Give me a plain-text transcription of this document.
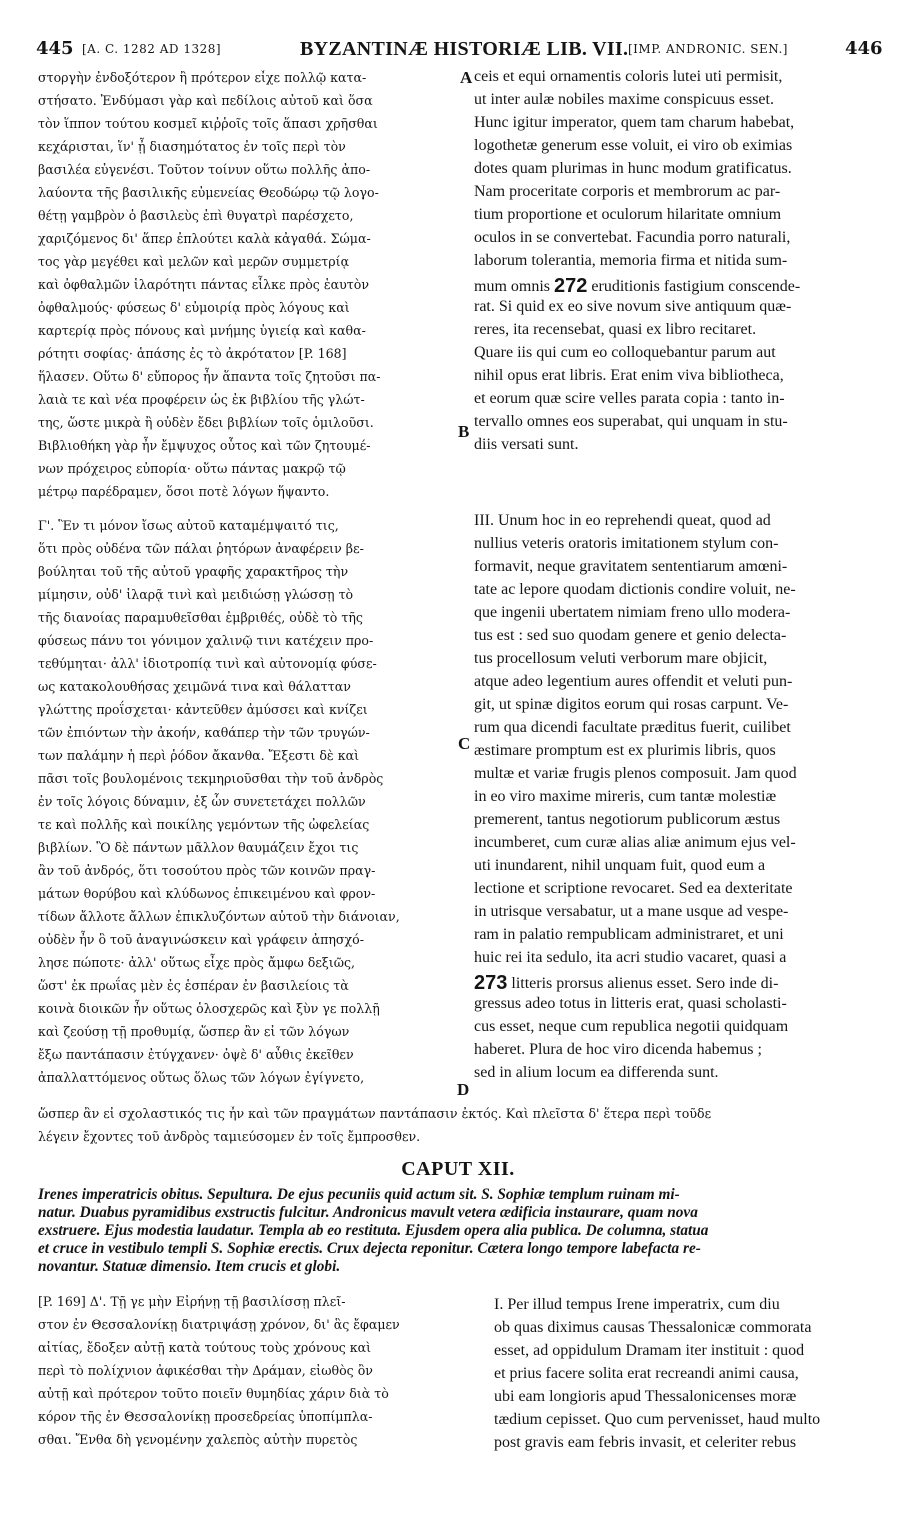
445 [A. C. 1282 AD 1328]	BYZANTINÆ HISTORIÆ LIB. VII. [IMP. ANDRONIC. SEN.]	446
στοργὴν ἐνδοξότερον ἢ πρότερον εἶχε πολλῷ κατα-
στήσατο. Ἐνδύμασι γὰρ καὶ πεδίλοις αὐτοῦ καὶ ὅσα
τὸν ἵππον τούτου κοσμεῖ κιῤῥοῖς τοῖς ἅπασι χρῆσθαι
κεχάρισται, ἵν' ᾖ διασημότατος ἐν τοῖς περὶ τὸν
βασιλέα εὐγενέσι. Τοῦτον τοίνυν οὕτω πολλῆς ἀπο-
λαύοντα τῆς βασιλικῆς εὐμενείας Θεοδώρῳ τῷ λογο-
θέτῃ γαμβρὸν ὁ βασιλεὺς ἐπὶ θυγατρὶ παρέσχετο,
χαριζόμενος δι' ἅπερ ἐπλούτει καλὰ κἀγαθά. Σώμα-
τος γὰρ μεγέθει καὶ μελῶν καὶ μερῶν συμμετρίᾳ
καὶ ὀφθαλμῶν ἱλαρότητι πάντας εἷλκε πρὸς ἑαυτὸν
ὀφθαλμούς· φύσεως δ' εὐμοιρίᾳ πρὸς λόγους καὶ
καρτερίᾳ πρὸς πόνους καὶ μνήμης ὑγιείᾳ καὶ καθα-
ρότητι σοφίας· ἁπάσης ἐς τὸ ἀκρότατον [P. 168]
ἥλασεν. Οὕτω δ' εὔπορος ἦν ἅπαντα τοῖς ζητοῦσι πα-
λαιὰ τε καὶ νέα προφέρειν ὡς ἐκ βιβλίου τῆς γλώτ-
της, ὥστε μικρὰ ἢ οὐδὲν ἔδει βιβλίων τοῖς ὁμιλοῦσι.
Βιβλιοθήκη γὰρ ἦν ἔμψυχος οὗτος καὶ τῶν ζητουμέ-
νων πρόχειρος εὐπορία· οὕτω πάντας μακρῷ τῷ
μέτρῳ παρέδραμεν, ὅσοι ποτὲ λόγων ἥψαντο.
ceis et equi ornamentis coloris lutei uti permisit,
ut inter aulæ nobiles maxime conspicuus esset.
Hunc igitur imperator, quem tam charum habebat,
logothetæ generum esse voluit, ei viro ob eximias
dotes quam plurimas in hunc modum gratificatus.
Nam proceritate corporis et membrorum ac par-
tium proportione et oculorum hilaritate omnium
oculos in se convertebat. Facundia porro naturali,
laborum tolerantia, memoria firma et nitida sum-
mum omnis 272 eruditionis fastigium conscende-
rat. Si quid ex eo sive novum sive antiquum quæ-
reres, ita recensebat, quasi ex libro recitaret.
Quare iis qui cum eo colloquebantur parum aut
nihil opus erat libris. Erat enim viva bibliotheca,
et eorum quæ scire velles parata copia : tanto in-
tervallo omnes eos superabat, qui unquam in stu-
diis versati sunt.
Γ'. Ἓν τι μόνον ἴσως αὐτοῦ καταμέμψαιτό τις,
ὅτι πρὸς οὐδένα τῶν πάλαι ῥητόρων ἀναφέρειν βε-
βούληται τοῦ τῆς αὐτοῦ γραφῆς χαρακτῆρος τὴν
μίμησιν, οὐδ' ἱλαρᾷ τινὶ καὶ μειδιώσῃ γλώσσῃ τὸ
τῆς διανοίας παραμυθεῖσθαι ἐμβριθές, οὐδὲ τὸ τῆς
φύσεως πάνυ τοι γόνιμον χαλινῷ τινι κατέχειν προ-
τεθύμηται· ἀλλ' ἰδιοτροπίᾳ τινὶ καὶ αὐτονομίᾳ φύσε-
ως κατακολουθήσας χειμῶνά τινα καὶ θάλατταν
γλώττης προΐσχεται· κἀντεῦθεν ἀμύσσει καὶ κνίζει
τῶν ἐπιόντων τὴν ἀκοήν, καθάπερ τὴν τῶν τρυγών-
των παλάμην ἡ περὶ ῥόδον ἄκανθα. Ἔξεστι δὲ καὶ
πᾶσι τοῖς βουλομένοις τεκμηριοῦσθαι τὴν τοῦ ἀνδρὸς
ἐν τοῖς λόγοις δύναμιν, ἐξ ὧν συνετετάχει πολλῶν
τε καὶ πολλῆς καὶ ποικίλης γεμόντων τῆς ὠφελείας
βιβλίων. Ὃ δὲ πάντων μᾶλλον θαυμάζειν ἔχοι τις
ἂν τοῦ ἀνδρός, ὅτι τοσούτου πρὸς τῶν κοινῶν πραγ-
μάτων θορύβου καὶ κλύδωνος ἐπικειμένου καὶ φρον-
τίδων ἄλλοτε ἄλλων ἐπικλυζόντων αὐτοῦ τὴν διάνοιαν,
οὐδὲν ἦν ὃ τοῦ ἀναγινώσκειν καὶ γράφειν ἀπησχό-
λησε πώποτε· ἀλλ' οὕτως εἶχε πρὸς ἄμφω δεξιῶς,
ὥστ' ἐκ πρωΐας μὲν ἐς ἑσπέραν ἐν βασιλείοις τὰ
κοινὰ διοικῶν ἦν οὕτως ὁλοσχερῶς καὶ ξὺν γε πολλῇ
καὶ ζεούσῃ τῇ προθυμίᾳ, ὥσπερ ἂν εἰ τῶν λόγων
ἔξω παντάπασιν ἐτύγχανεν· ὀψὲ δ' αὖθις ἐκεῖθεν
ἀπαλλαττόμενος οὕτως ὅλως τῶν λόγων ἐγίγνετο,
III. Unum hoc in eo reprehendi queat, quod ad
nullius veteris oratoris imitationem stylum con-
formavit, neque gravitatem sententiarum amœni-
tate ac lepore quodam dictionis condire voluit, ne-
que ingenii ubertatem nimiam freno ullo modera-
tus est : sed suo quodam genere et genio delecta-
tus procellosum veluti verborum mare objicit,
atque adeo legentium aures offendit et veluti pun-
git, ut spinæ digitos eorum qui rosas carpunt. Ve-
rum qua dicendi facultate præditus fuerit, cuilibet
æstimare promptum est ex plurimis libris, quos
multæ et variæ frugis plenos composuit. Jam quod
in eo viro maxime mireris, cum tantæ molestiæ
premerent, tantus negotiorum publicorum æstus
incumberet, cum curæ alias aliæ animum ejus vel-
uti inundarent, nihil unquam fuit, quod eum a
lectione et scriptione revocaret. Sed ea dexteritate
in utrisque versabatur, ut a mane usque ad vespe-
ram in palatio rempublicam administraret, et uni
huic rei ita sedulo, ita acri studio vacaret, quasi a
273 litteris prorsus alienus esset. Sero inde di-
gressus adeo totus in litteris erat, quasi scholasti-
cus esset, neque cum republica negotii quidquam
haberet. Plura de hoc viro dicenda habemus ;
sed in alium locum ea differenda sunt.
A
B
C
D
ὥσπερ ἂν εἰ σχολαστικός τις ἦν καὶ τῶν πραγμάτων παντάπασιν ἐκτός. Καὶ πλεῖστα δ' ἕτερα περὶ τοῦδε
λέγειν ἔχοντες τοῦ ἀνδρὸς ταμιεύσομεν ἐν τοῖς ἔμπροσθεν.
CAPUT XII.
Irenes imperatricis obitus. Sepultura. De ejus pecuniis quid actum sit. S. Sophiæ templum ruinam mi-
natur. Duabus pyramidibus exstructis fulcitur. Andronicus mavult vetera ædificia instaurare, quam nova
exstruere. Ejus modestia laudatur. Templa ab eo restituta. Ejusdem opera alia publica. De columna, statua
et cruce in vestibulo templi S. Sophiæ erectis. Crux dejecta reponitur. Cætera longo tempore labefacta re-
novantur. Statuæ dimensio. Item crucis et globi.
[P. 169] Δ'. Τῇ γε μὴν Εἰρήνῃ τῇ βασιλίσσῃ πλεῖ-
στον ἐν Θεσσαλονίκῃ διατριψάσῃ χρόνον, δι' ἃς ἔφαμεν
αἰτίας, ἔδοξεν αὐτῇ κατὰ τούτους τοὺς χρόνους καὶ
περὶ τὸ πολίχνιον ἀφικέσθαι τὴν Δράμαν, εἰωθὸς ὂν
αὐτῇ καὶ πρότερον τοῦτο ποιεῖν θυμηδίας χάριν διὰ τὸ
κόρον τῆς ἐν Θεσσαλονίκῃ προσεδρείας ὑποπίμπλα-
σθαι. Ἔνθα δὴ γενομένην χαλεπὸς αὐτὴν πυρετὸς
I. Per illud tempus Irene imperatrix, cum diu
ob quas diximus causas Thessalonicæ commorata
esset, ad oppidulum Dramam iter instituit : quod
et prius facere solita erat recreandi animi causa,
ubi eam longioris apud Thessalonicenses moræ
tædium cepisset. Quo cum pervenisset, haud multo
post gravis eam febris invasit, et celeriter rebus
